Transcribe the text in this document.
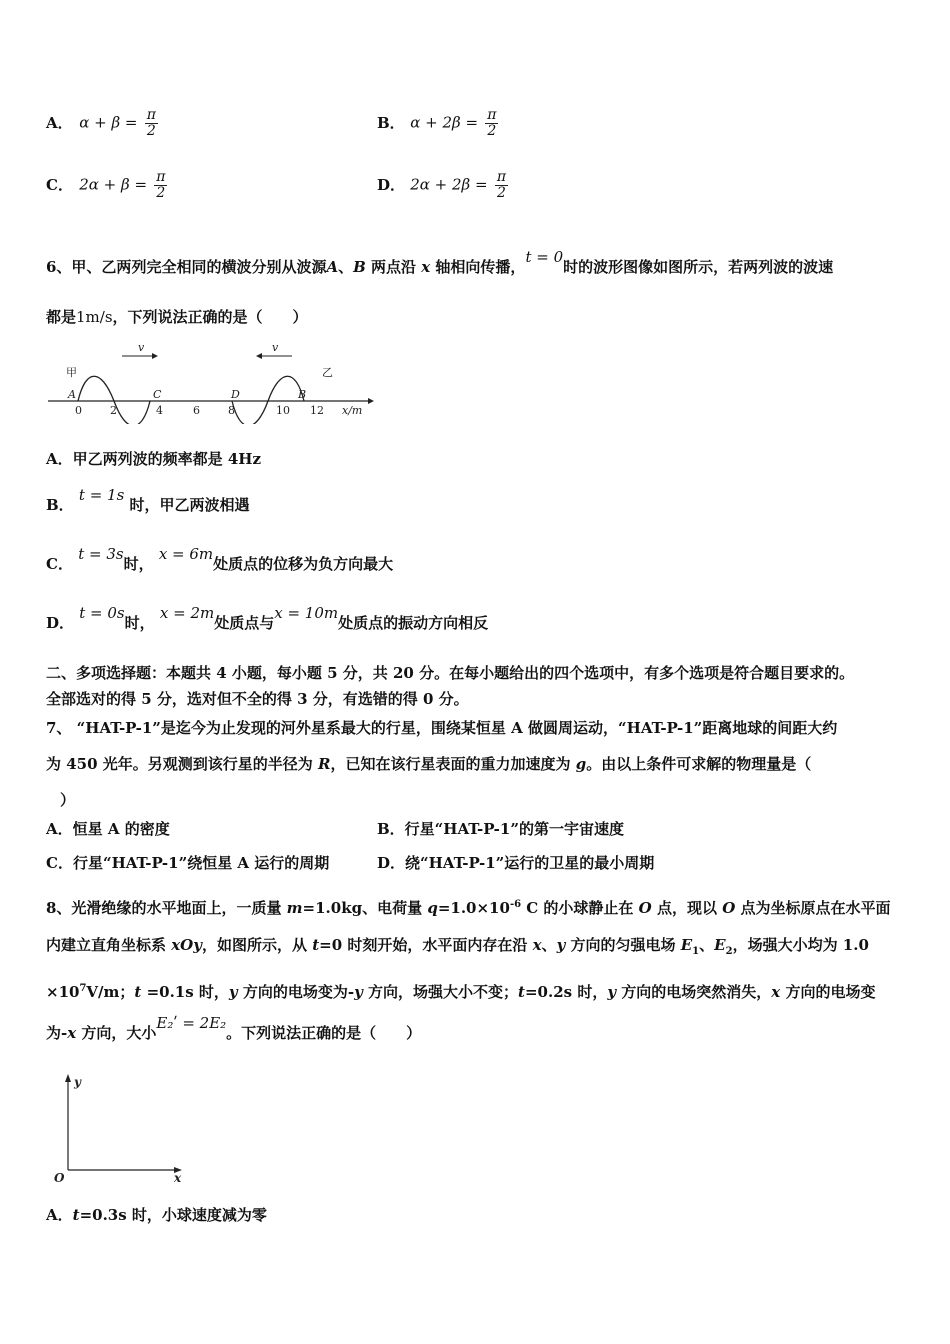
A． $\alpha + \beta = \frac{\pi}{2}$	B． $\alpha + 2\beta = \frac{\pi}{2}$
C． $2\alpha + \beta = \frac{\pi}{2}$	D． $2\alpha + 2\beta = \frac{\pi}{2}$
6、甲、乙两列完全相同的横波分别从波源A、B 两点沿 x 轴相向传播，t = 0时的波形图像如图所示，若两列波的波速
都是1m/s，下列说法正确的是（　　）
v	v
甲	乙
A	C	D	B
0	2	4	6	8	10 12 x/m
A．甲乙两列波的频率都是 4Hz
B． t = 1s 时，甲乙两波相遇
C． t = 3s时， x = 6m处质点的位移为负方向最大
D． t = 0s时， x = 2m处质点与x = 10m处质点的振动方向相反
二、多项选择题：本题共 4 小题，每小题 5 分，共 20 分。在每小题给出的四个选项中，有多个选项是符合题目要求的。
全部选对的得 5 分，选对但不全的得 3 分，有选错的得 0 分。
7、 “HAT-P-1”是迄今为止发现的河外星系最大的行星，围绕某恒星 A 做圆周运动，“HAT-P-1”距离地球的间距大约
为 450 光年。另观测到该行星的半径为 R，已知在该行星表面的重力加速度为 g。由以上条件可求解的物理量是（
）
A．恒星 A 的密度	B．行星“HAT-P-1”的第一宇宙速度
C．行星“HAT-P-1”绕恒星 A 运行的周期	D．绕“HAT-P-1”运行的卫星的最小周期
8、光滑绝缘的水平地面上，一质量 m=1.0kg、电荷量 $q=1.0\times 10^{-6}$ C 的小球静止在 O 点，现以 O 点为坐标原点在水平面
内建立直角坐标系 xOy，如图所示，从 t=0 时刻开始，水平面内存在沿 x、y 方向的匀强电场 $E_1$、$E_2$，场强大小均为 1.0
$\times 10^7V/m$；t =0.1s 时，y 方向的电场变为-y 方向，场强大小不变；t=0.2s 时，y 方向的电场突然消失，x 方向的电场变
为-x 方向，大小E₂ʹ = 2E₂。下列说法正确的是（　　）
y
x
O
A．t=0.3s 时，小球速度减为零
